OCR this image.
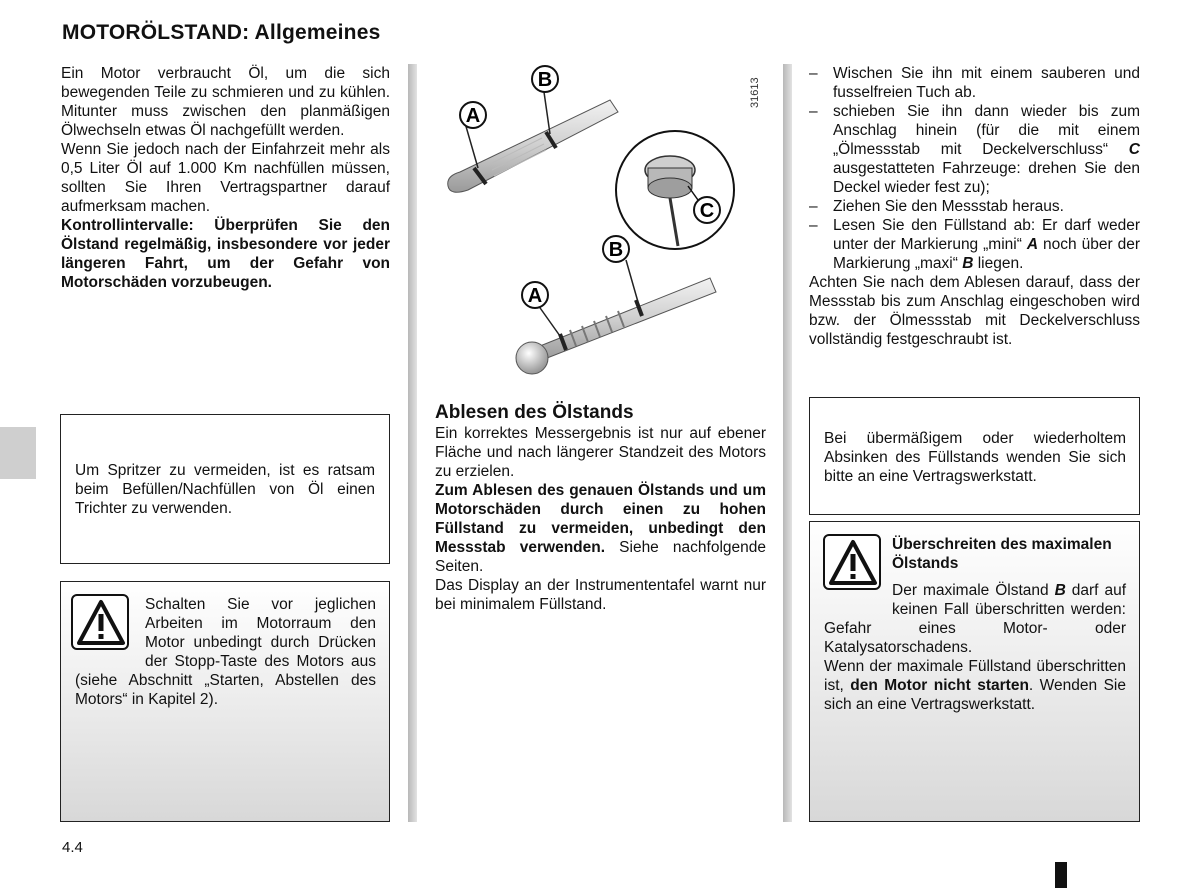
MOTORÖLSTAND: Allgemeines

Ein Motor verbraucht Öl, um die sich bewegenden Teile zu schmieren und zu kühlen. Mitunter muss zwischen den planmäßigen Ölwechseln etwas Öl nachgefüllt werden.

Wenn Sie jedoch nach der Einfahrzeit mehr als 0,5 Liter Öl auf 1.000 Km nachfüllen müssen, sollten Sie Ihren Vertragspartner darauf aufmerksam machen.

Kontrollintervalle: Überprüfen Sie den Ölstand regelmäßig, insbesondere vor jeder längeren Fahrt, um der Gefahr von Motorschäden vorzubeugen.

Um Spritzer zu vermeiden, ist es ratsam beim Befüllen/Nachfüllen von Öl einen Trichter zu verwenden.
Schalten Sie vor jeglichen Arbeiten im Motorraum den Motor unbedingt durch Drücken der Stopp-Taste des Motors aus (siehe Abschnitt „Starten, Abstellen des Motors“ in Kapitel 2).
B
A
C
B
A
31613
Ablesen des Ölstands

Ein korrektes Messergebnis ist nur auf ebener Fläche und nach längerer Standzeit des Motors zu erzielen.

Zum Ablesen des genauen Ölstands und um Motorschäden durch einen zu hohen Füllstand zu vermeiden, unbedingt den Messstab verwenden. Siehe nachfolgende Seiten.

Das Display an der Instrumententafel warnt nur bei minimalem Füllstand.

– Wischen Sie ihn mit einem sauberen und fusselfreien Tuch ab.
– schieben Sie ihn dann wieder bis zum Anschlag hinein (für die mit einem „Ölmessstab mit Deckelverschluss“ C ausgestatteten Fahrzeuge: drehen Sie den Deckel wieder fest zu);
– Ziehen Sie den Messstab heraus.
– Lesen Sie den Füllstand ab: Er darf weder unter der Markierung „mini“ A noch über der Markierung „maxi“ B liegen.

Achten Sie nach dem Ablesen darauf, dass der Messstab bis zum Anschlag eingeschoben wird bzw. der Ölmessstab mit Deckelverschluss vollständig festgeschraubt ist.

Bei übermäßigem oder wiederholtem Absinken des Füllstands wenden Sie sich bitte an eine Vertragswerkstatt.
Überschreiten des maximalen Ölstands
Der maximale Ölstand B darf auf keinen Fall überschritten werden: Gefahr eines Motor- oder Katalysatorschadens.
Wenn der maximale Füllstand überschritten ist, den Motor nicht starten. Wenden Sie sich an eine Vertragswerkstatt.
4.4
